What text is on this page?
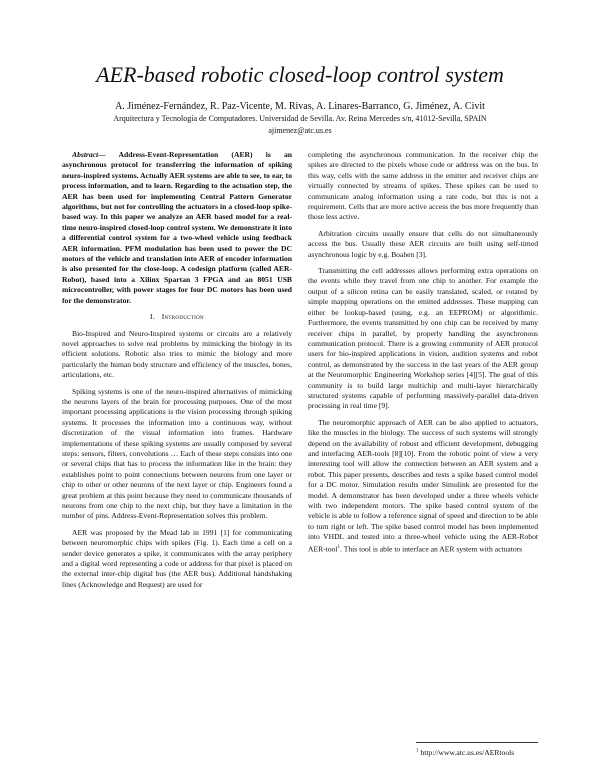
AER-based robotic closed-loop control system
A. Jiménez-Fernández, R. Paz-Vicente, M. Rivas, A. Linares-Barranco, G. Jiménez, A. Civit
Arquitectura y Tecnología de Computadores. Universidad de Sevilla. Av. Reina Mercedes s/n, 41012-Sevilla, SPAIN
ajimenez@atc.us.es

Abstract— Address-Event-Representation (AER) is an asynchronous protocol for transferring the information of spiking neuro-inspired systems. Actually AER systems are able to see, to ear, to process information, and to learn. Regarding to the actuation step, the AER has been used for implementing Central Pattern Generator algorithms, but not for controlling the actuators in a closed-loop spike-based way. In this paper we analyze an AER based model for a real-time neuro-inspired closed-loop control system. We demonstrate it into a differential control system for a two-wheel vehicle using feedback AER information. PFM modulation has been used to power the DC motors of the vehicle and translation into AER of encoder information is also presented for the close-loop. A codesign platform (called AER-Robot), based into a Xilinx Spartan 3 FPGA and an 8051 USB microcontroller, with power stages for four DC motors has been used for the demonstrator.

I. Introduction

Bio-Inspired and Neuro-Inspired systems or circuits are a relatively novel approaches to solve real problems by mimicking the biology in its efficient solutions. Robotic also tries to mimic the biology and more particularly the human body structure and efficiency of the muscles, bones, articulations, etc.

Spiking systems is one of the neuro-inspired alternatives of mimicking the neurons layers of the brain for processing purposes. One of the most important processing applications is the vision processing through spiking systems. It processes the information into a continuous way, without discretization of the visual information into frames. Hardware implementations of these spiking systems are usually composed by several steps: sensors, filters, convolutions … Each of these steps consists into one or several chips that has to process the information like in the brain: they establishes point to point connections between neurons from one layer or chip to other or other neurons of the next layer or chip. Engineers found a great problem at this point because they need to communicate thousands of neurons from one chip to the next chip, but they have a limitation in the number of pins. Address-Event-Representation solves this problem.

AER was proposed by the Mead lab in 1991 [1] for communicating between neuromorphic chips with spikes (Fig. 1). Each time a cell on a sender device generates a spike, it communicates with the array periphery and a digital word representing a code or address for that pixel is placed on the external inter-chip digital bus (the AER bus). Additional handshaking lines (Acknowledge and Request) are used for

completing the asynchronous communication. In the receiver chip the spikes are directed to the pixels whose code or address was on the bus. In this way, cells with the same address in the emitter and receiver chips are virtually connected by streams of spikes. These spikes can be used to communicate analog information using a rate code, but this is not a requirement. Cells that are more active access the bus more frequently than those less active.

Arbitration circuits usually ensure that cells do not simultaneously access the bus. Usually these AER circuits are built using self-timed asynchronous logic by e.g. Boahen [3].

Transmitting the cell addresses allows performing extra operations on the events while they travel from one chip to another. For example the output of a silicon retina can be easily translated, scaled, or rotated by simple mapping operations on the emitted addresses. These mapping can either be lookup-based (using, e.g. an EEPROM) or algorithmic. Furthermore, the events transmitted by one chip can be received by many receiver chips in parallel, by properly handling the asynchronous communication protocol. There is a growing community of AER protocol users for bio-inspired applications in vision, audition systems and robot control, as demonstrated by the success in the last years of the AER group at the Neuromorphic Engineering Workshop series [4][5]. The goal of this community is to build large multichip and multi-layer hierarchically structured systems capable of performing massively-parallel data-driven processing in real time [9].

The neuromorphic approach of AER can be also applied to actuators, like the muscles in the biology. The success of such systems will strongly depend on the availability of robust and efficient development, debugging and interfacing AER-tools [8][10]. From the robotic point of view a very interesting tool will allow the connection between an AER system and a robot. This paper presents, describes and tests a spike based control model for a DC motor. Simulation results under Simulink are presented for the model. A demonstrator has been developed under a three wheels vehicle with two independent motors. The spike based control system of the vehicle is able to follow a reference signal of speed and direction to be able to turn right or left. The spike based control model has been implemented into VHDL and tested into a three-wheel vehicle using the AER-Robot AER-tool$^1$. This tool is able to interface an AER system with actuators

$^1$ http://www.atc.us.es/AERtools
